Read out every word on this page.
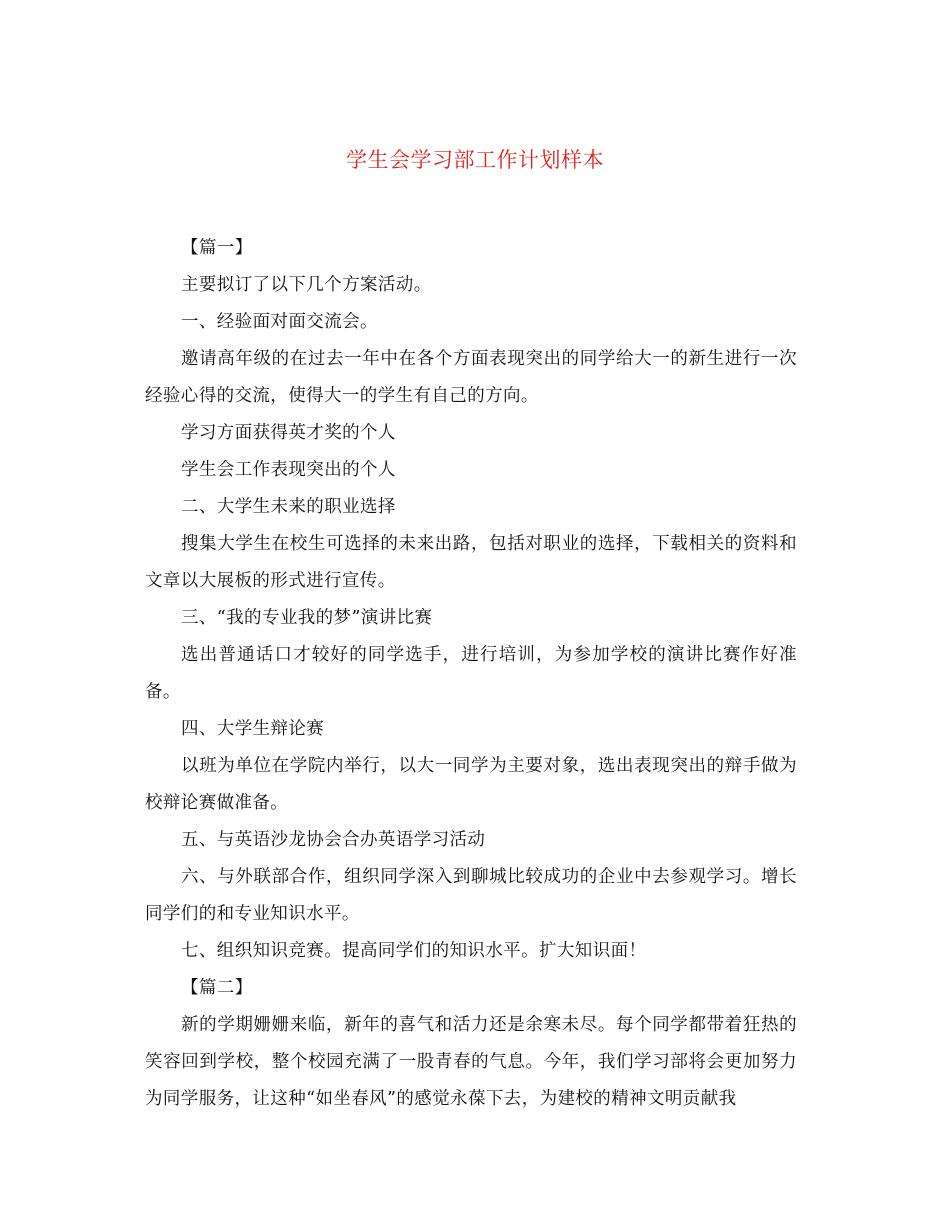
学生会学习部工作计划样本

【篇一】

主要拟订了以下几个方案活动。

一、经验面对面交流会。

邀请高年级的在过去一年中在各个方面表现突出的同学给大一的新生进行一次经验心得的交流，使得大一的学生有自己的方向。

学习方面获得英才奖的个人

学生会工作表现突出的个人

二、大学生未来的职业选择

搜集大学生在校生可选择的未来出路，包括对职业的选择，下载相关的资料和文章以大展板的形式进行宣传。

三、“我的专业我的梦”演讲比赛

选出普通话口才较好的同学选手，进行培训，为参加学校的演讲比赛作好准备。

四、大学生辩论赛

以班为单位在学院内举行，以大一同学为主要对象，选出表现突出的辩手做为校辩论赛做准备。

五、与英语沙龙协会合办英语学习活动

六、与外联部合作，组织同学深入到聊城比较成功的企业中去参观学习。增长同学们的和专业知识水平。

七、组织知识竞赛。提高同学们的知识水平。扩大知识面！

【篇二】

新的学期姗姗来临，新年的喜气和活力还是余寒未尽。每个同学都带着狂热的笑容回到学校，整个校园充满了一股青春的气息。今年，我们学习部将会更加努力为同学服务，让这种“如坐春风”的感觉永葆下去，为建校的精神文明贡献我
